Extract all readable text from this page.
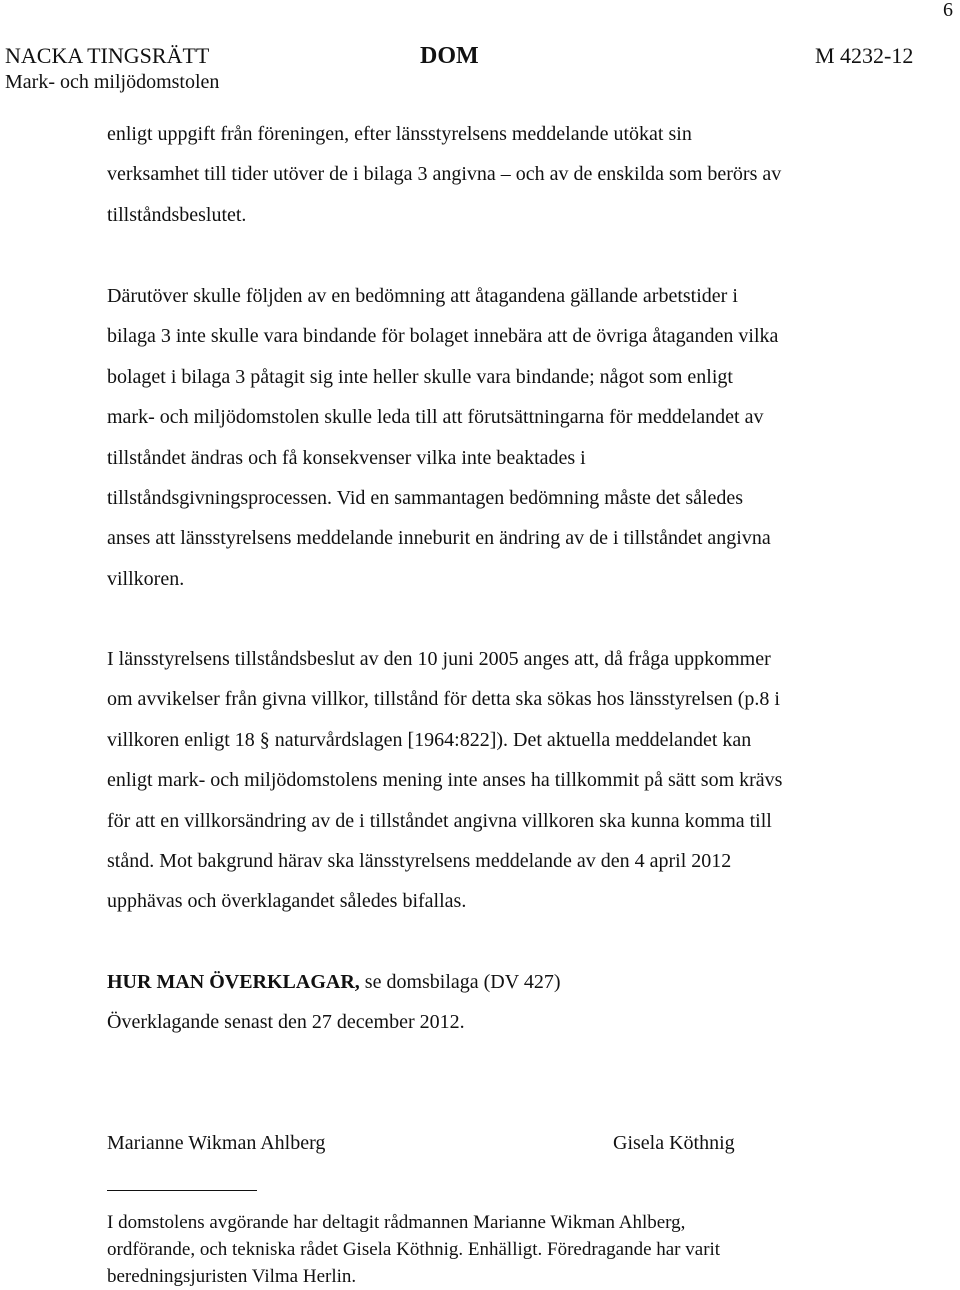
6
NACKA TINGSRÄTT
Mark- och miljödomstolen
DOM	M 4232-12
enligt uppgift från föreningen, efter länsstyrelsens meddelande utökat sin
verksamhet till tider utöver de i bilaga 3 angivna – och av de enskilda som berörs av
tillståndsbeslutet.
Därutöver skulle följden av en bedömning att åtagandena gällande arbetstider i
bilaga 3 inte skulle vara bindande för bolaget innebära att de övriga åtaganden vilka
bolaget i bilaga 3 påtagit sig inte heller skulle vara bindande; något som enligt
mark- och miljödomstolen skulle leda till att förutsättningarna för meddelandet av
tillståndet ändras och få konsekvenser vilka inte beaktades i
tillståndsgivningsprocessen. Vid en sammantagen bedömning måste det således
anses att länsstyrelsens meddelande inneburit en ändring av de i tillståndet angivna
villkoren.
I länsstyrelsens tillståndsbeslut av den 10 juni 2005 anges att, då fråga uppkommer
om avvikelser från givna villkor, tillstånd för detta ska sökas hos länsstyrelsen (p.8 i
villkoren enligt 18 § naturvårdslagen [1964:822]). Det aktuella meddelandet kan
enligt mark- och miljödomstolens mening inte anses ha tillkommit på sätt som krävs
för att en villkorsändring av de i tillståndet angivna villkoren ska kunna komma till
stånd. Mot bakgrund härav ska länsstyrelsens meddelande av den 4 april 2012
upphävas och överklagandet således bifallas.
HUR MAN ÖVERKLAGAR, se domsbilaga (DV 427)
Överklagande senast den 27 december 2012.
Marianne Wikman Ahlberg	Gisela Köthnig
I domstolens avgörande har deltagit rådmannen Marianne Wikman Ahlberg,
ordförande, och tekniska rådet Gisela Köthnig. Enhälligt. Föredragande har varit
beredningsjuristen Vilma Herlin.
